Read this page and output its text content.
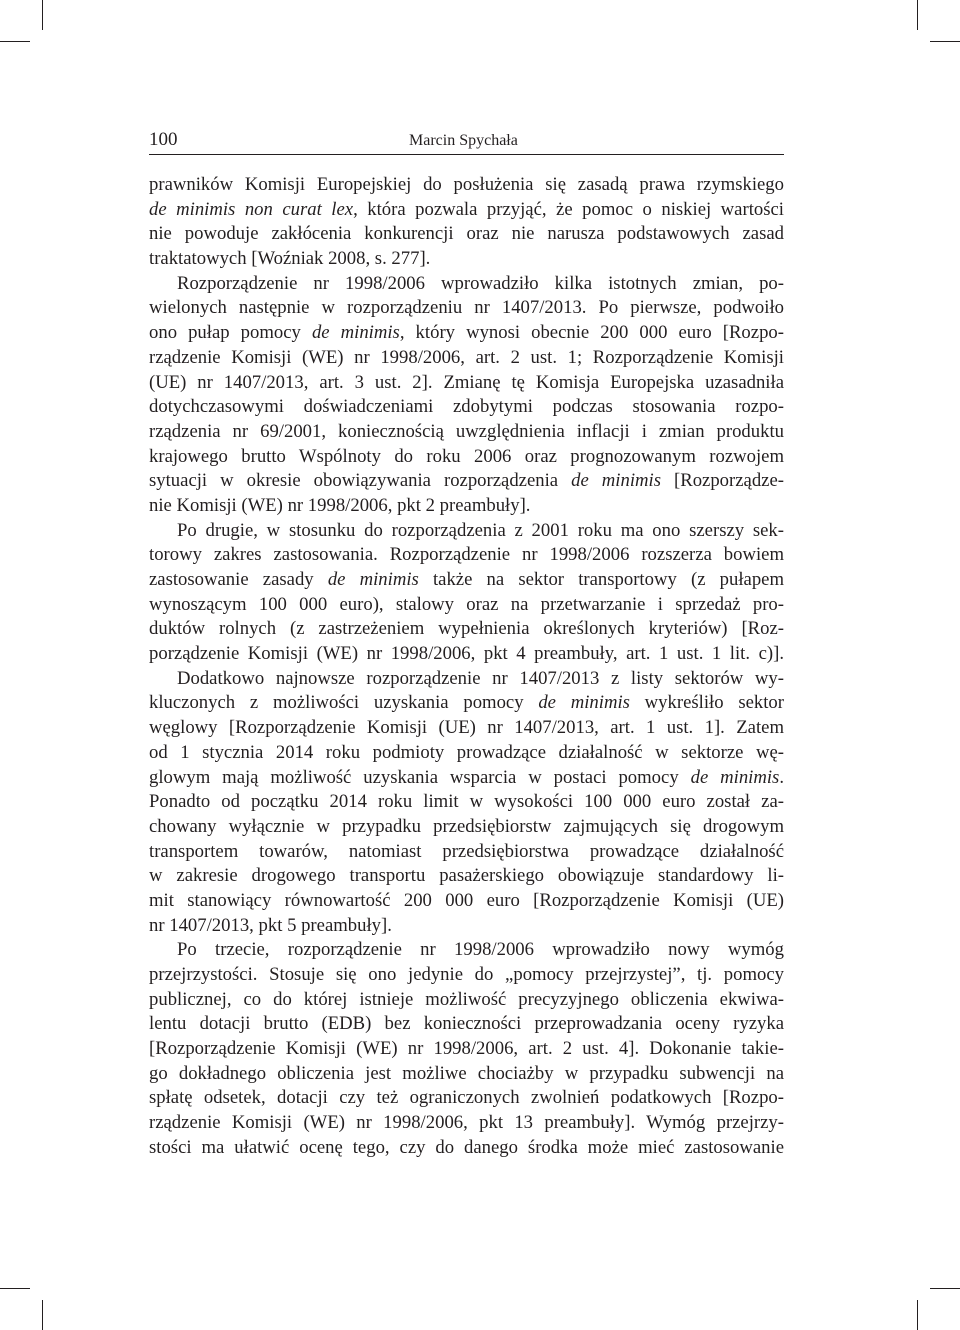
100	Marcin Spychała
prawników Komisji Europejskiej do posłużenia się zasadą prawa rzymskiego
de minimis non curat lex, która pozwala przyjąć, że pomoc o niskiej wartości
nie powoduje zakłócenia konkurencji oraz nie narusza podstawowych zasad
traktatowych [Woźniak 2008, s. 277].
Rozporządzenie nr 1998/2006 wprowadziło kilka istotnych zmian, po-
wielonych następnie w rozporządzeniu nr 1407/2013. Po pierwsze, podwoiło
ono pułap pomocy de minimis, który wynosi obecnie 200 000 euro [Rozpo-
rządzenie Komisji (WE) nr 1998/2006, art. 2 ust. 1; Rozporządzenie Komisji
(UE) nr 1407/2013, art. 3 ust. 2]. Zmianę tę Komisja Europejska uzasadniła
dotychczasowymi doświadczeniami zdobytymi podczas stosowania rozpo-
rządzenia nr 69/2001, koniecznością uwzględnienia inflacji i zmian produktu
krajowego brutto Wspólnoty do roku 2006 oraz prognozowanym rozwojem
sytuacji w okresie obowiązywania rozporządzenia de minimis [Rozporządze-
nie Komisji (WE) nr 1998/2006, pkt 2 preambuły].
Po drugie, w stosunku do rozporządzenia z 2001 roku ma ono szerszy sek-
torowy zakres zastosowania. Rozporządzenie nr 1998/2006 rozszerza bowiem
zastosowanie zasady de minimis także na sektor transportowy (z pułapem
wynoszącym 100 000 euro), stalowy oraz na przetwarzanie i sprzedaż pro-
duktów rolnych (z zastrzeżeniem wypełnienia określonych kryteriów) [Roz-
porządzenie Komisji (WE) nr 1998/2006, pkt 4 preambuły, art. 1 ust. 1 lit. c)].
Dodatkowo najnowsze rozporządzenie nr 1407/2013 z listy sektorów wy-
kluczonych z możliwości uzyskania pomocy de minimis wykreśliło sektor
węglowy [Rozporządzenie Komisji (UE) nr 1407/2013, art. 1 ust. 1]. Zatem
od 1 stycznia 2014 roku podmioty prowadzące działalność w sektorze wę-
glowym mają możliwość uzyskania wsparcia w postaci pomocy de minimis.
Ponadto od początku 2014 roku limit w wysokości 100 000 euro został za-
chowany wyłącznie w przypadku przedsiębiorstw zajmujących się drogowym
transportem towarów, natomiast przedsiębiorstwa prowadzące działalność
w zakresie drogowego transportu pasażerskiego obowiązuje standardowy li-
mit stanowiący równowartość 200 000 euro [Rozporządzenie Komisji (UE)
nr 1407/2013, pkt 5 preambuły].
Po trzecie, rozporządzenie nr 1998/2006 wprowadziło nowy wymóg
przejrzystości. Stosuje się ono jedynie do „pomocy przejrzystej”, tj. pomocy
publicznej, co do której istnieje możliwość precyzyjnego obliczenia ekwiwa-
lentu dotacji brutto (EDB) bez konieczności przeprowadzania oceny ryzyka
[Rozporządzenie Komisji (WE) nr 1998/2006, art. 2 ust. 4]. Dokonanie takie-
go dokładnego obliczenia jest możliwe chociażby w przypadku subwencji na
spłatę odsetek, dotacji czy też ograniczonych zwolnień podatkowych [Rozpo-
rządzenie Komisji (WE) nr 1998/2006, pkt 13 preambuły]. Wymóg przejrzy-
stości ma ułatwić ocenę tego, czy do danego środka może mieć zastosowanie
